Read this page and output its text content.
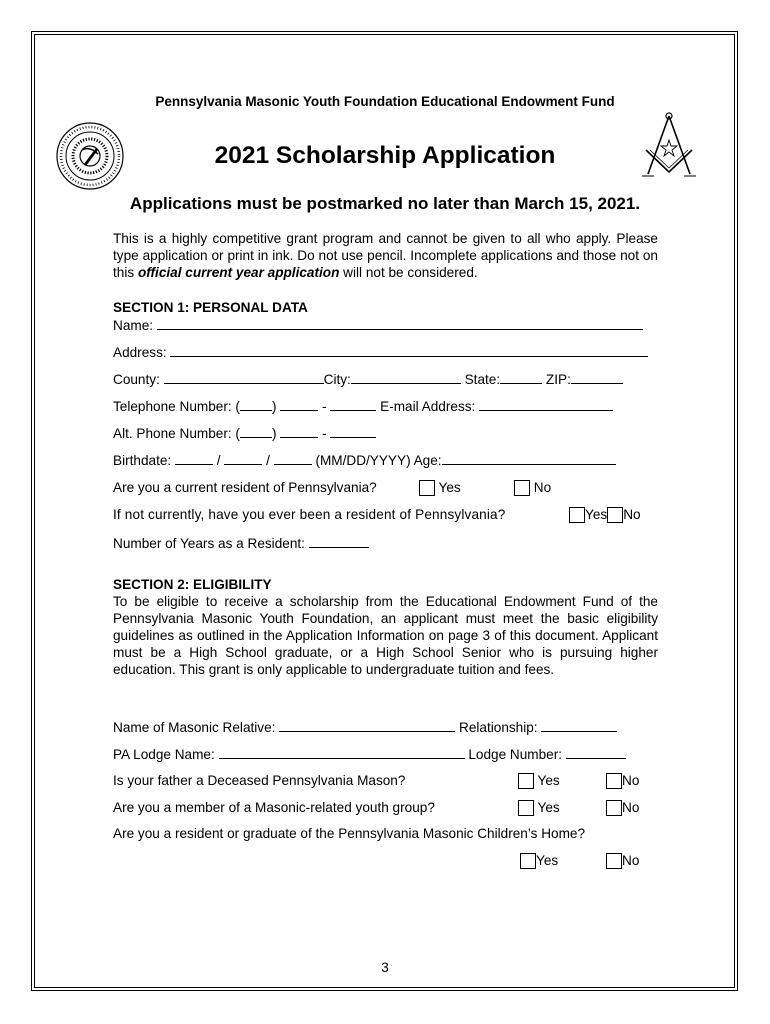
Pennsylvania Masonic Youth Foundation Educational Endowment Fund
2021 Scholarship Application
Applications must be postmarked no later than March 15, 2021.
This is a highly competitive grant program and cannot be given to all who apply. Please type application or print in ink. Do not use pencil. Incomplete applications and those not on this official current year application will not be considered.
SECTION 1: PERSONAL DATA
Name:
Address:
County:	City:	State:	ZIP:
Telephone Number: ( )	-	E-mail Address:
Alt. Phone Number: ( )	-
Birthdate:	/	/	(MM/DD/YYYY) Age:
Are you a current resident of Pennsylvania?	Yes	No
If not currently, have you ever been a resident of Pennsylvania?	Yes No
Number of Years as a Resident:
SECTION 2: ELIGIBILITY
To be eligible to receive a scholarship from the Educational Endowment Fund of the Pennsylvania Masonic Youth Foundation, an applicant must meet the basic eligibility guidelines as outlined in the Application Information on page 3 of this document. Applicant must be a High School graduate, or a High School Senior who is pursuing higher education. This grant is only applicable to undergraduate tuition and fees.
Name of Masonic Relative:	Relationship:
PA Lodge Name:	Lodge Number:
Is your father a Deceased Pennsylvania Mason?	Yes	No
Are you a member of a Masonic-related youth group?	Yes	No
Are you a resident or graduate of the Pennsylvania Masonic Children’s Home?
Yes	No
3
